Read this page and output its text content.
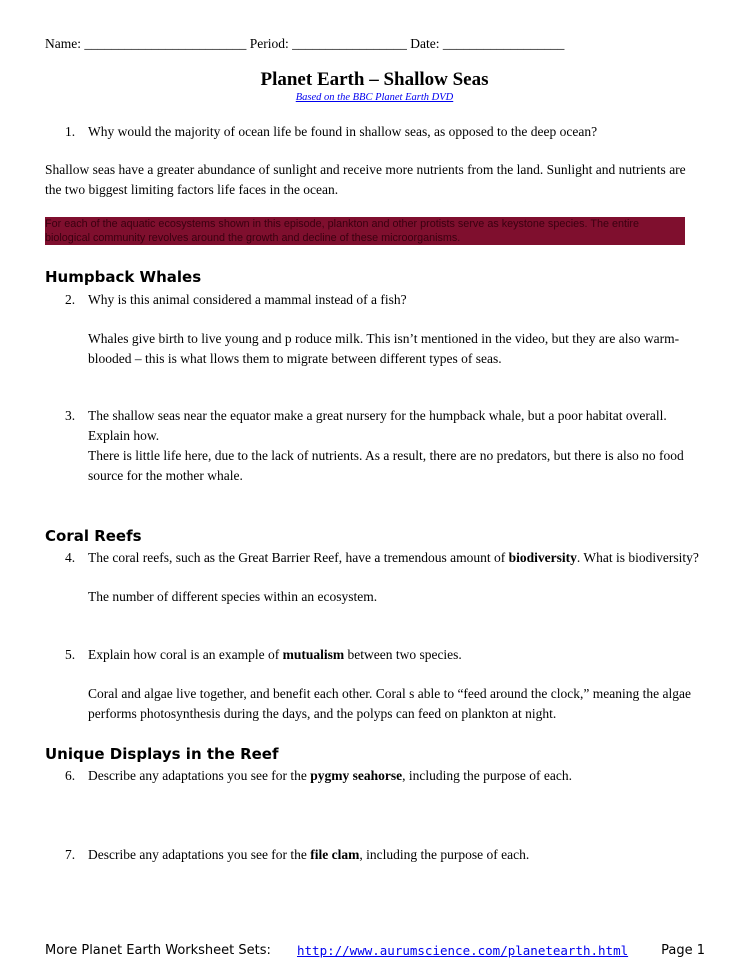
Name: ________________________ Period: _________________ Date: __________________
Planet Earth – Shallow Seas
Based on the BBC Planet Earth DVD
1. Why would the majority of ocean life be found in shallow seas, as opposed to the deep ocean?
Shallow seas have a greater abundance of sunlight and receive more nutrients from the land. Sunlight and nutrients are the two biggest limiting factors life faces in the ocean.
For each of the aquatic ecosystems shown in this episode, plankton and other protists serve as keystone species. The entire biological community revolves around the growth and decline of these microorganisms.
Humpback Whales
2. Why is this animal considered a mammal instead of a fish?
Whales give birth to live young and p roduce milk. This isn’t mentioned in the video, but they are also warm-blooded – this is what llows them to migrate between different types of seas.
3. The shallow seas near the equator make a great nursery for the humpback whale, but a poor habitat overall. Explain how.
There is little life here, due to the lack of nutrients. As a result, there are no predators, but there is also no food source for the mother whale.
Coral Reefs
4. The coral reefs, such as the Great Barrier Reef, have a tremendous amount of biodiversity. What is biodiversity?
The number of different species within an ecosystem.
5. Explain how coral is an example of mutualism between two species.
Coral and algae live together, and benefit each other. Coral s able to “feed around the clock,” meaning the algae performs photosynthesis during the days, and the polyps can feed on plankton at night.
Unique Displays in the Reef
6. Describe any adaptations you see for the pygmy seahorse, including the purpose of each.
7. Describe any adaptations you see for the file clam, including the purpose of each.
More Planet Earth Worksheet Sets: http://www.aurumscience.com/planetearth.html	Page 1
